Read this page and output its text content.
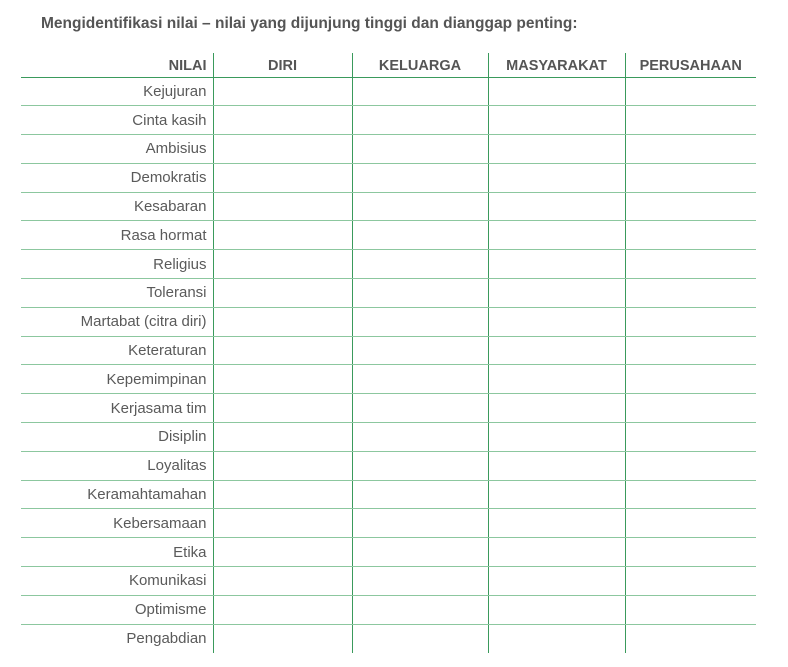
Mengidentifikasi nilai – nilai yang dijunjung tinggi dan dianggap penting:
NILAI	DIRI	KELUARGA	MASYARAKAT	PERUSAHAAN
Kejujuran				
Cinta kasih				
Ambisius				
Demokratis				
Kesabaran				
Rasa hormat				
Religius				
Toleransi				
Martabat (citra diri)				
Keteraturan				
Kepemimpinan				
Kerjasama tim				
Disiplin				
Loyalitas				
Keramahtamahan				
Kebersamaan				
Etika				
Komunikasi				
Optimisme				
Pengabdian				
